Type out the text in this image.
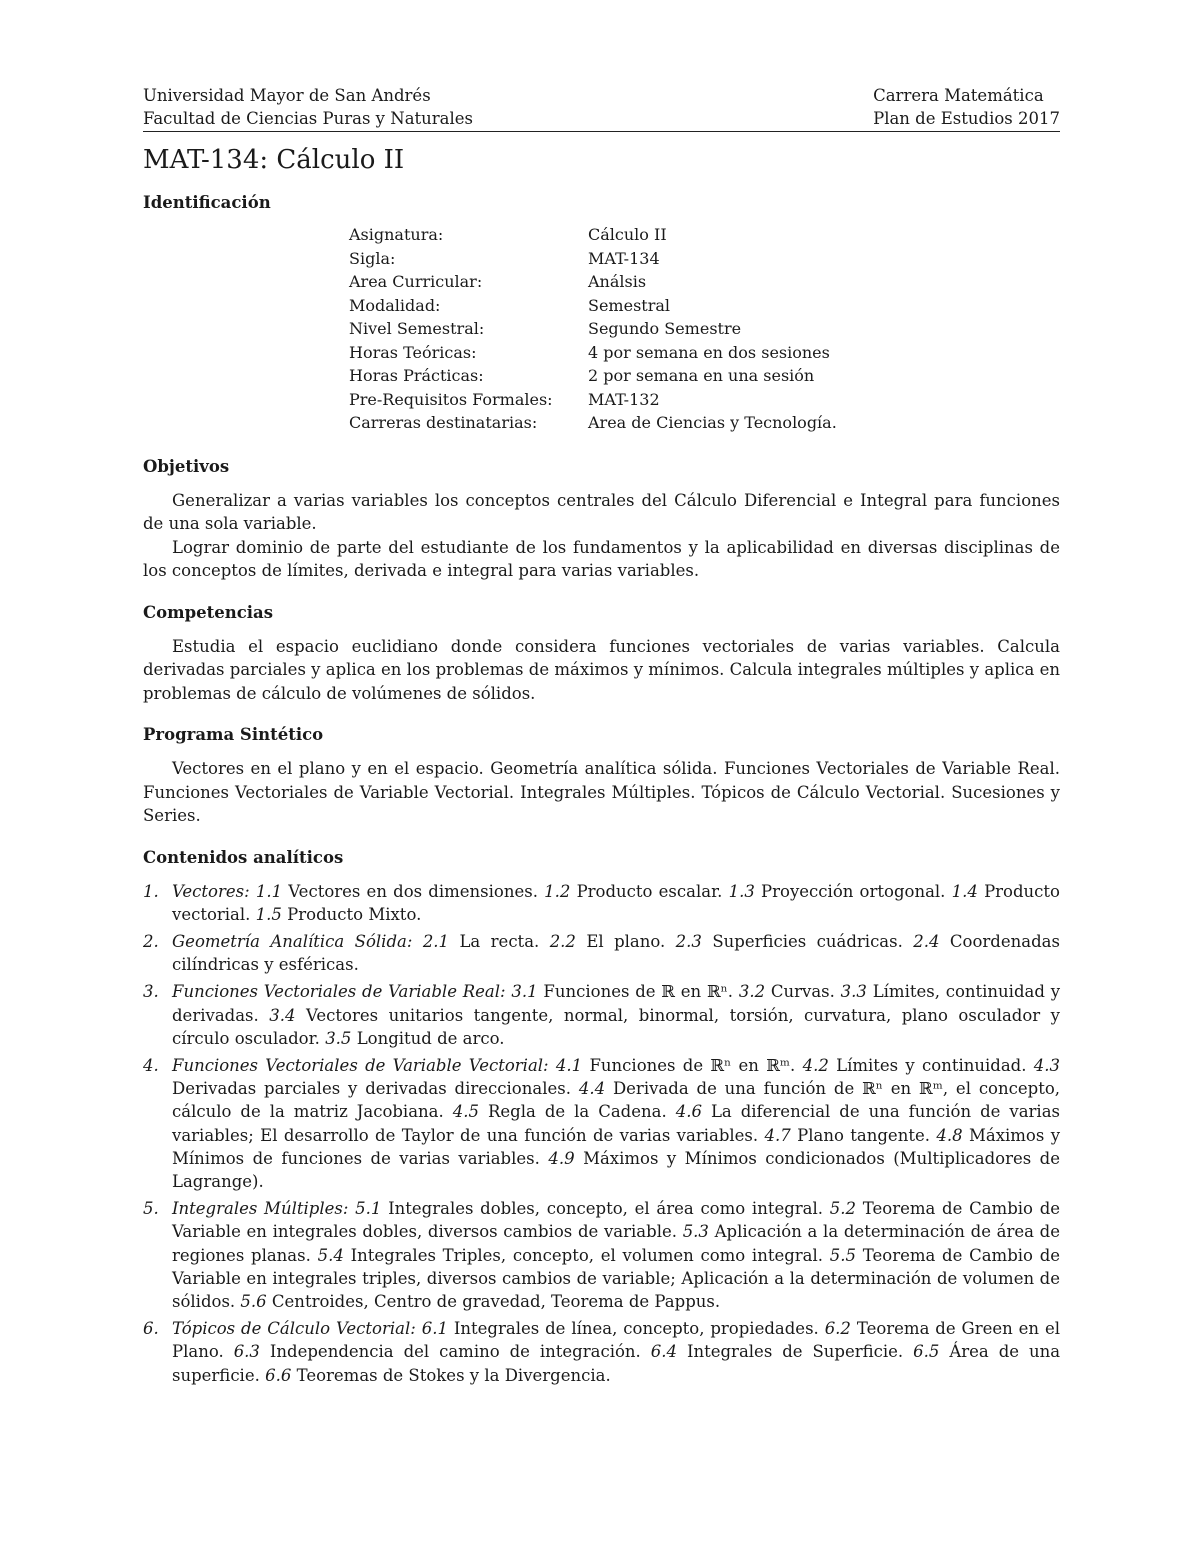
Universidad Mayor de San Andrés
Facultad de Ciencias Puras y Naturales
Carrera Matemática
Plan de Estudios 2017
MAT-134: Cálculo II
Identificación
Asignatura:	Cálculo II
Sigla:	MAT-134
Area Curricular:	Análsis
Modalidad:	Semestral
Nivel Semestral:	Segundo Semestre
Horas Teóricas:	4 por semana en dos sesiones
Horas Prácticas:	2 por semana en una sesión
Pre-Requisitos Formales:	MAT-132
Carreras destinatarias:	Area de Ciencias y Tecnología.
Objetivos

Generalizar a varias variables los conceptos centrales del Cálculo Diferencial e Integral para funciones de una sola variable.

Lograr dominio de parte del estudiante de los fundamentos y la aplicabilidad en diversas disciplinas de los conceptos de límites, derivada e integral para varias variables.

Competencias

Estudia el espacio euclidiano donde considera funciones vectoriales de varias variables. Calcula derivadas parciales y aplica en los problemas de máximos y mínimos. Calcula integrales múltiples y aplica en problemas de cálculo de volúmenes de sólidos.

Programa Sintético

Vectores en el plano y en el espacio. Geometría analítica sólida. Funciones Vectoriales de Variable Real. Funciones Vectoriales de Variable Vectorial. Integrales Múltiples. Tópicos de Cálculo Vectorial. Sucesiones y Series.

Contenidos analíticos
1. Vectores: 1.1 Vectores en dos dimensiones. 1.2 Producto escalar. 1.3 Proyección ortogonal. 1.4 Producto vectorial. 1.5 Producto Mixto.
2. Geometría Analítica Sólida: 2.1 La recta. 2.2 El plano. 2.3 Superficies cuádricas. 2.4 Coordenadas cilíndricas y esféricas.
3. Funciones Vectoriales de Variable Real: 3.1 Funciones de ℝ en ℝⁿ. 3.2 Curvas. 3.3 Límites, continuidad y derivadas. 3.4 Vectores unitarios tangente, normal, binormal, torsión, curvatura, plano osculador y círculo osculador. 3.5 Longitud de arco.
4. Funciones Vectoriales de Variable Vectorial: 4.1 Funciones de ℝⁿ en ℝᵐ. 4.2 Límites y continuidad. 4.3 Derivadas parciales y derivadas direccionales. 4.4 Derivada de una función de ℝⁿ en ℝᵐ, el concepto, cálculo de la matriz Jacobiana. 4.5 Regla de la Cadena. 4.6 La diferencial de una función de varias variables; El desarrollo de Taylor de una función de varias variables. 4.7 Plano tangente. 4.8 Máximos y Mínimos de funciones de varias variables. 4.9 Máximos y Mínimos condicionados (Multiplicadores de Lagrange).
5. Integrales Múltiples: 5.1 Integrales dobles, concepto, el área como integral. 5.2 Teorema de Cambio de Variable en integrales dobles, diversos cambios de variable. 5.3 Aplicación a la determinación de área de regiones planas. 5.4 Integrales Triples, concepto, el volumen como integral. 5.5 Teorema de Cambio de Variable en integrales triples, diversos cambios de variable; Aplicación a la determinación de volumen de sólidos. 5.6 Centroides, Centro de gravedad, Teorema de Pappus.
6. Tópicos de Cálculo Vectorial: 6.1 Integrales de línea, concepto, propiedades. 6.2 Teorema de Green en el Plano. 6.3 Independencia del camino de integración. 6.4 Integrales de Superficie. 6.5 Área de una superficie. 6.6 Teoremas de Stokes y la Divergencia.
